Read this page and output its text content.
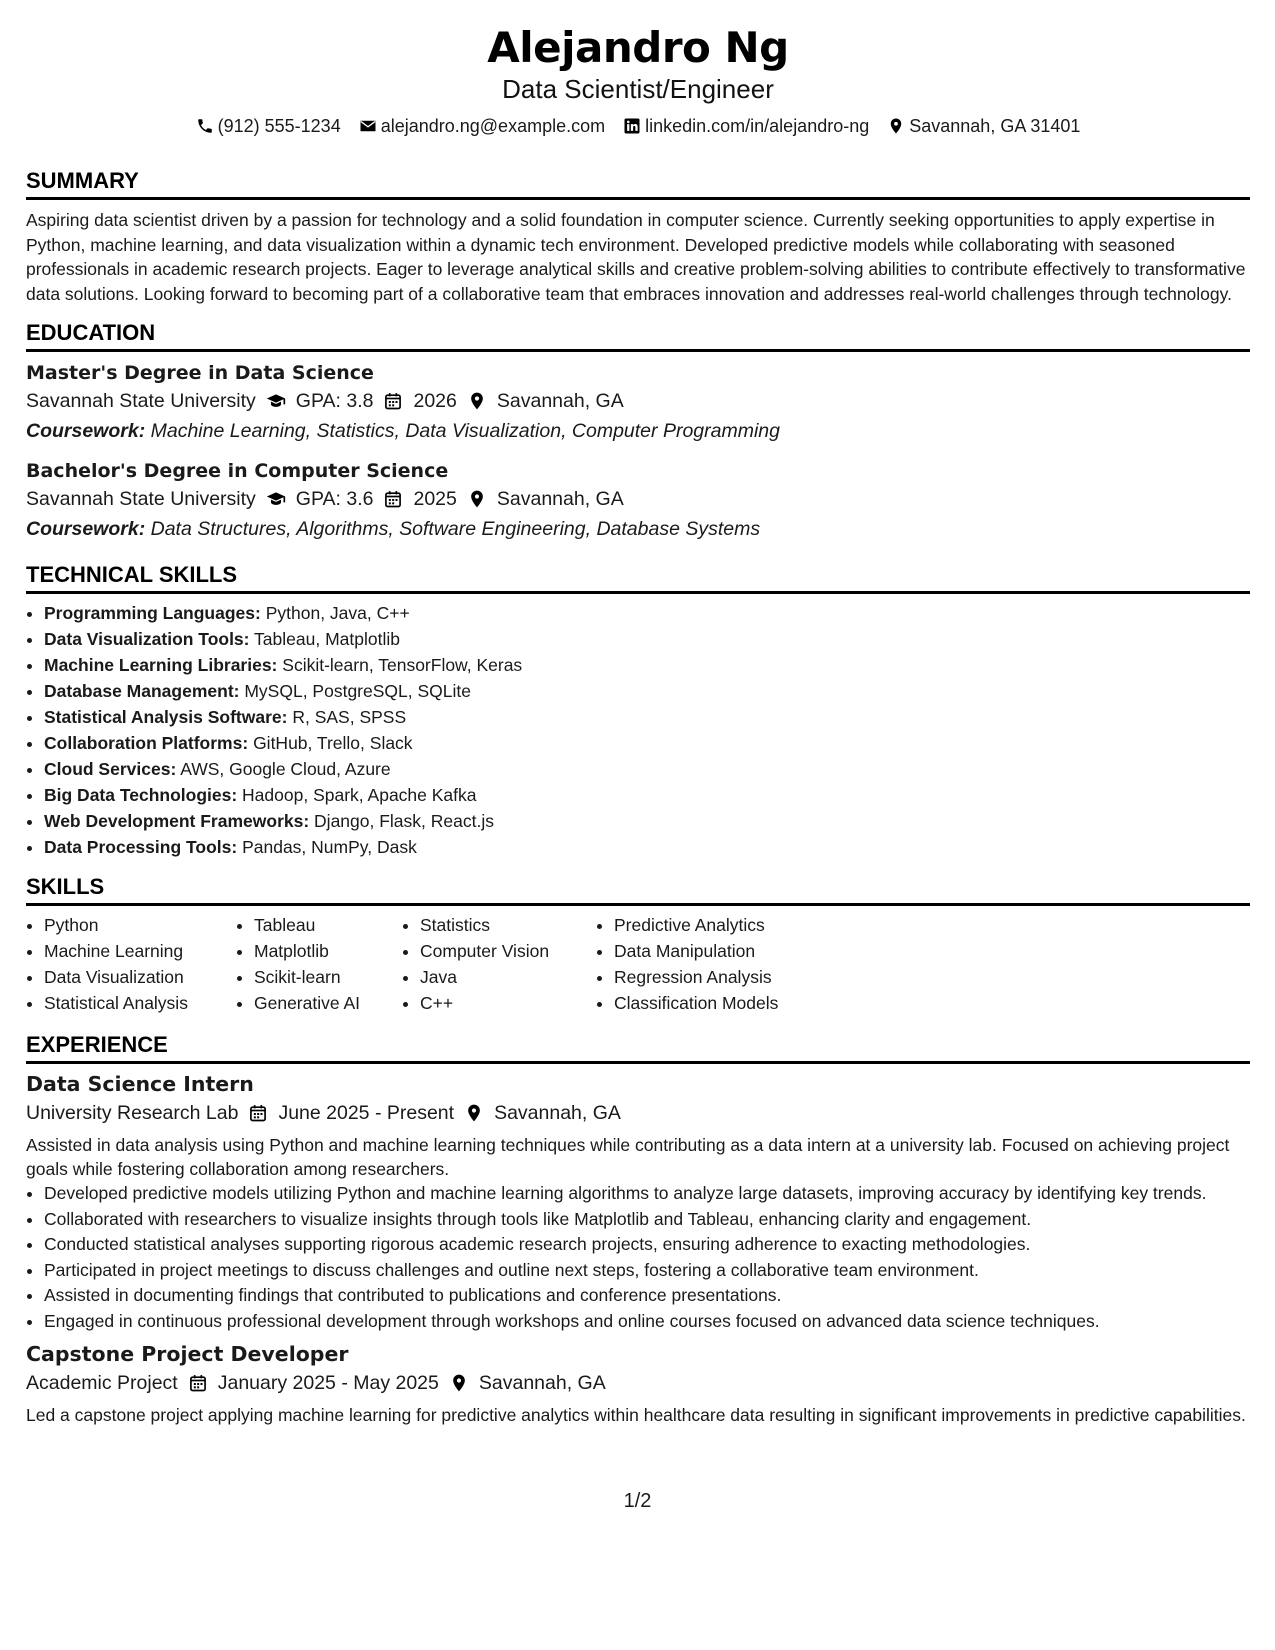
Alejandro Ng
Data Scientist/Engineer
(912) 555-1234 alejandro.ng@example.com linkedin.com/in/alejandro-ng Savannah, GA 31401
SUMMARY
Aspiring data scientist driven by a passion for technology and a solid foundation in computer science. Currently seeking opportunities to apply expertise in Python, machine learning, and data visualization within a dynamic tech environment. Developed predictive models while collaborating with seasoned professionals in academic research projects. Eager to leverage analytical skills and creative problem-solving abilities to contribute effectively to transformative data solutions. Looking forward to becoming part of a collaborative team that embraces innovation and addresses real-world challenges through technology.
EDUCATION
Master's Degree in Data Science
Savannah State University GPA: 3.8 2026 Savannah, GA
Coursework: Machine Learning, Statistics, Data Visualization, Computer Programming
Bachelor's Degree in Computer Science
Savannah State University GPA: 3.6 2025 Savannah, GA
Coursework: Data Structures, Algorithms, Software Engineering, Database Systems
TECHNICAL SKILLS
• Programming Languages: Python, Java, C++
• Data Visualization Tools: Tableau, Matplotlib
• Machine Learning Libraries: Scikit-learn, TensorFlow, Keras
• Database Management: MySQL, PostgreSQL, SQLite
• Statistical Analysis Software: R, SAS, SPSS
• Collaboration Platforms: GitHub, Trello, Slack
• Cloud Services: AWS, Google Cloud, Azure
• Big Data Technologies: Hadoop, Spark, Apache Kafka
• Web Development Frameworks: Django, Flask, React.js
• Data Processing Tools: Pandas, NumPy, Dask
SKILLS
• Python
• Machine Learning
• Data Visualization
• Statistical Analysis
• Tableau
• Matplotlib
• Scikit-learn
• Generative AI
• Statistics
• Computer Vision
• Java
• C++
• Predictive Analytics
• Data Manipulation
• Regression Analysis
• Classification Models
EXPERIENCE
Data Science Intern
University Research Lab June 2025 - Present Savannah, GA
Assisted in data analysis using Python and machine learning techniques while contributing as a data intern at a university lab. Focused on achieving project goals while fostering collaboration among researchers.
• Developed predictive models utilizing Python and machine learning algorithms to analyze large datasets, improving accuracy by identifying key trends.
• Collaborated with researchers to visualize insights through tools like Matplotlib and Tableau, enhancing clarity and engagement.
• Conducted statistical analyses supporting rigorous academic research projects, ensuring adherence to exacting methodologies.
• Participated in project meetings to discuss challenges and outline next steps, fostering a collaborative team environment.
• Assisted in documenting findings that contributed to publications and conference presentations.
• Engaged in continuous professional development through workshops and online courses focused on advanced data science techniques.
Capstone Project Developer
Academic Project January 2025 - May 2025 Savannah, GA
Led a capstone project applying machine learning for predictive analytics within healthcare data resulting in significant improvements in predictive capabilities.
1/2
